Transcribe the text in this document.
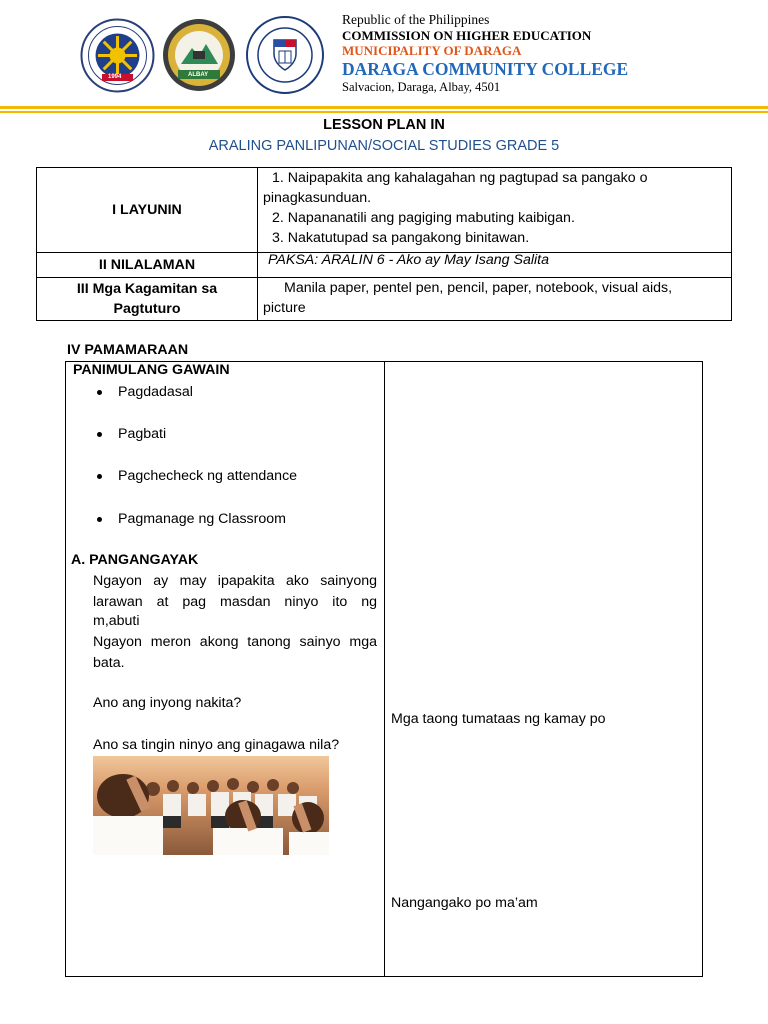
1994	ALBAY
Republic of the Philippines
COMMISSION ON HIGHER EDUCATION
MUNICIPALITY OF DARAGA
DARAGA COMMUNITY COLLEGE
Salvacion, Daraga, Albay, 4501
LESSON PLAN IN
ARALING PANLIPUNAN/SOCIAL STUDIES GRADE 5
I LAYUNIN
1. Naipapakita ang kahalagahan ng pagtupad sa pangako o
pinagkasunduan.
2. Napananatili ang pagiging mabuting kaibigan.
3. Nakatutupad sa pangakong binitawan.
II NILALAMAN	PAKSA: ARALIN 6 - Ako ay May Isang Salita
III Mga Kagamitan sa
Pagtuturo
Manila paper, pentel pen, pencil, paper, notebook, visual aids,
picture
IV PAMAMARAAN
PANIMULANG GAWAIN
Pagdadasal
Pagbati
Pagchecheck ng attendance
Pagmanage ng Classroom
A. PANGANGAYAK
Ngayon ay may ipapakita ako sainyong
larawan at pag masdan ninyo ito ng
m,abuti
Ngayon meron akong tanong sainyo mga
bata.
Ano ang inyong nakita?
Ano sa tingin ninyo ang ginagawa nila?
Mga taong tumataas ng kamay po
Nangangako po ma’am
